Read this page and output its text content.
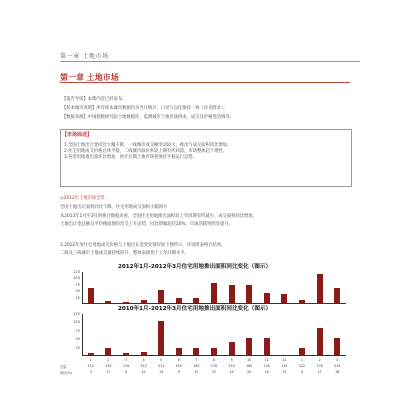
第一章 土地市场
第一章 土地市场
【报告导读】本期内容已经发布。
【样本城市说明】所有样本城市数据均为当月统计，口径与以往保持一致（详见附录）。
【数据来源】中国指数研究院土地数据库，监测城市土地市场供求、成交及价格变动情况；
【市场综述】
1.全国土地出让金同比大幅下降，一线城市成交额变动较大，推出与成交面积同比增加。
2.住宅用地成交价格总体平稳，二线城市溢价率较上期有所回落，市场整体趋于理性。
3.各类用地推出量环比增加，预计后期土地市场将保持平稳运行态势。
◎2012年土地市场全景
全国土地出让面积同比下降，住宅用地成交面积小幅回升
从2013年1月至3月的统计数据来看，全国住宅用地推出面积较上年同期有所减少，成交面积同比增加，
土地出让金总额及平均楼面地价均呈上升态势，同比增幅超过20%，市场活跃度明显提升。
3.2012年度住宅用地成交价格与土地出让金变化情况如下图所示，详见附表统计结果。
二线及三线城市土地成交量持续回升，整体表现优于上年同期水平。
2012年1月-2012年3月住宅用地推出面积同比变化（图示）
25
50
75
100
125
2010年1月-2012年3月住宅用地推出面积同比变化（图示）
25
50
75
100
125
1	2	3	4	5	6	7	8	9	10	11	12	1	2	3
总量	112	152	119	312	211	155	183	278	210	165	140	115	222	378	215
同比(%)	3	17	9	42	15	9	10	37	25	20	16	15	8	27	18
